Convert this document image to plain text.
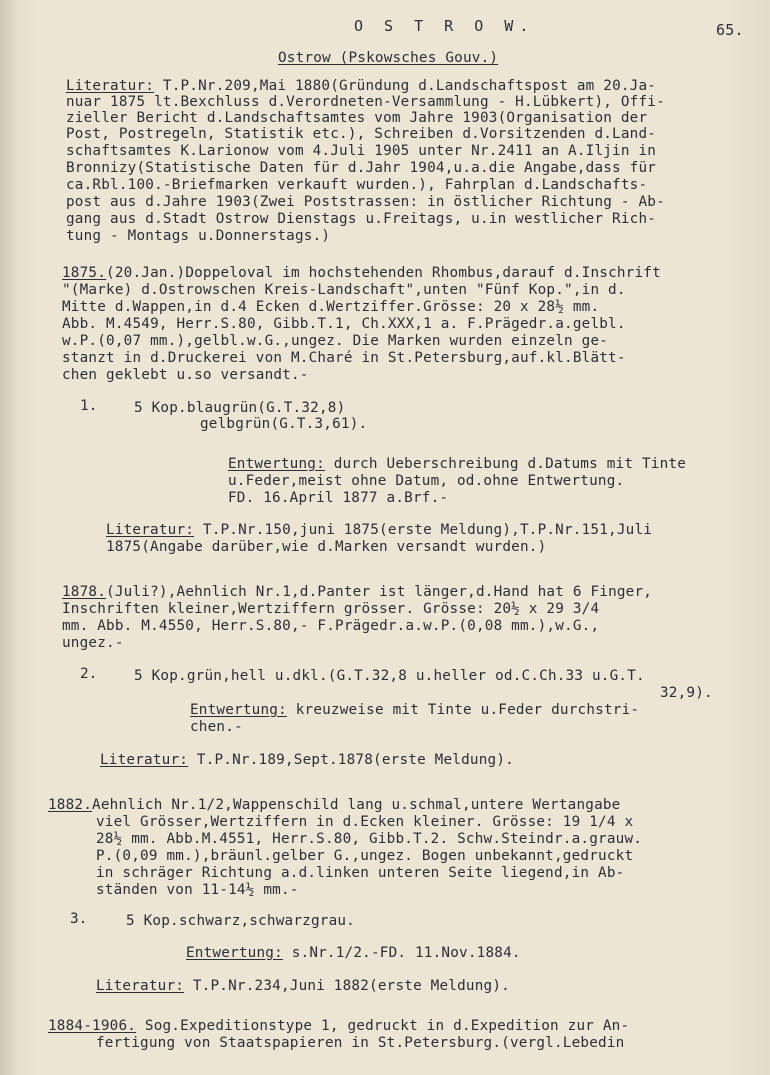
O S T R O W.	65.
Ostrow (Pskowsches Gouv.)
Literatur: T.P.Nr.209,Mai 1880(Gründung d.Landschaftspost am 20.Ja-
nuar 1875 lt.Bexchluss d.Verordneten-Versammlung - H.Lübkert), Offi-
zieller Bericht d.Landschaftsamtes vom Jahre 1903(Organisation der
Post, Postregeln, Statistik etc.), Schreiben d.Vorsitzenden d.Land-
schaftsamtes K.Larionow vom 4.Juli 1905 unter Nr.2411 an A.Iljin in
Bronnizy(Statistische Daten für d.Jahr 1904,u.a.die Angabe,dass für
ca.Rbl.100.-Briefmarken verkauft wurden.), Fahrplan d.Landschafts-
post aus d.Jahre 1903(Zwei Poststrassen: in östlicher Richtung - Ab-
gang aus d.Stadt Ostrow Dienstags u.Freitags, u.in westlicher Rich-
tung - Montags u.Donnerstags.)
1875.(20.Jan.)Doppeloval im hochstehenden Rhombus,darauf d.Inschrift
"(Marke) d.Ostrowschen Kreis-Landschaft",unten "Fünf Kop.",in d.
Mitte d.Wappen,in d.4 Ecken d.Wertziffer.Grösse: 20 x 28½ mm.
Abb. M.4549, Herr.S.80, Gibb.T.1, Ch.XXX,1 a. F.Prägedr.a.gelbl.
w.P.(0,07 mm.),gelbl.w.G.,ungez. Die Marken wurden einzeln ge-
stanzt in d.Druckerei von M.Charé in St.Petersburg,auf.kl.Blätt-
chen geklebt u.so versandt.-
1.	5 Kop.blaugrün(G.T.32,8)
gelbgrün(G.T.3,61).
Entwertung: durch Ueberschreibung d.Datums mit Tinte
u.Feder,meist ohne Datum, od.ohne Entwertung.
FD. 16.April 1877 a.Brf.-
Literatur: T.P.Nr.150,juni 1875(erste Meldung),T.P.Nr.151,Juli
1875(Angabe darüber,wie d.Marken versandt wurden.)
1878.(Juli?),Aehnlich Nr.1,d.Panter ist länger,d.Hand hat 6 Finger,
Inschriften kleiner,Wertziffern grösser. Grösse: 20½ x 29 3/4
mm. Abb. M.4550, Herr.S.80,- F.Prägedr.a.w.P.(0,08 mm.),w.G.,
ungez.-
2.	5 Kop.grün,hell u.dkl.(G.T.32,8 u.heller od.C.Ch.33 u.G.T.
32,9).
Entwertung: kreuzweise mit Tinte u.Feder durchstri-
chen.-
Literatur: T.P.Nr.189,Sept.1878(erste Meldung).
1882.Aehnlich Nr.1/2,Wappenschild lang u.schmal,untere Wertangabe
viel Grösser,Wertziffern in d.Ecken kleiner. Grösse: 19 1/4 x
28½ mm. Abb.M.4551, Herr.S.80, Gibb.T.2. Schw.Steindr.a.grauw.
P.(0,09 mm.),bräunl.gelber G.,ungez. Bogen unbekannt,gedruckt
in schräger Richtung a.d.linken unteren Seite liegend,in Ab-
ständen von 11-14½ mm.-
3.	5 Kop.schwarz,schwarzgrau.
Entwertung: s.Nr.1/2.-FD. 11.Nov.1884.
Literatur: T.P.Nr.234,Juni 1882(erste Meldung).
1884-1906. Sog.Expeditionstype 1, gedruckt in d.Expedition zur An-
fertigung von Staatspapieren in St.Petersburg.(vergl.Lebedin
